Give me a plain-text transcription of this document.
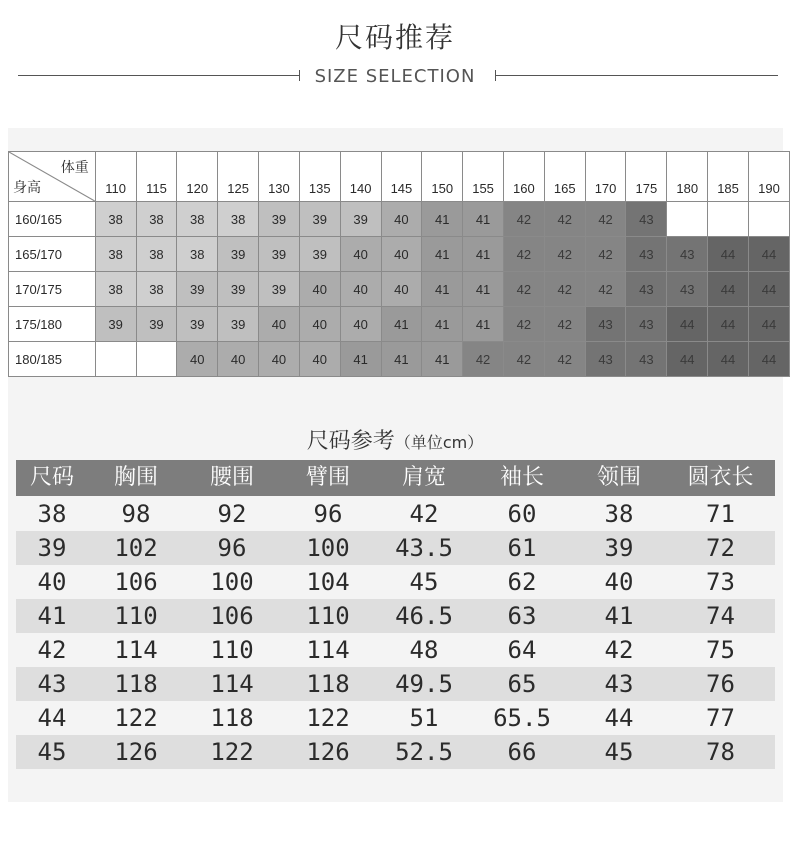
尺码推荐
SIZE SELECTION
体重
身高	110	115	120	125	130	135	140	145	150	155	160	165	170	175	180	185	190
160/165	38	38	38	38	39	39	39	40	41	41	42	42	42	43			
165/170	38	38	38	39	39	39	40	40	41	41	42	42	42	43	43	44	44
170/175	38	38	39	39	39	40	40	40	41	41	42	42	42	43	43	44	44
175/180	39	39	39	39	40	40	40	41	41	41	42	42	43	43	44	44	44
180/185			40	40	40	40	41	41	41	42	42	42	43	43	44	44	44
尺码参考（单位cm）
尺码	胸围	腰围	臂围	肩宽	袖长	领围	圆衣长
38	98	92	96	42	60	38	71
39	102	96	100	43.5	61	39	72
40	106	100	104	45	62	40	73
41	110	106	110	46.5	63	41	74
42	114	110	114	48	64	42	75
43	118	114	118	49.5	65	43	76
44	122	118	122	51	65.5	44	77
45	126	122	126	52.5	66	45	78
